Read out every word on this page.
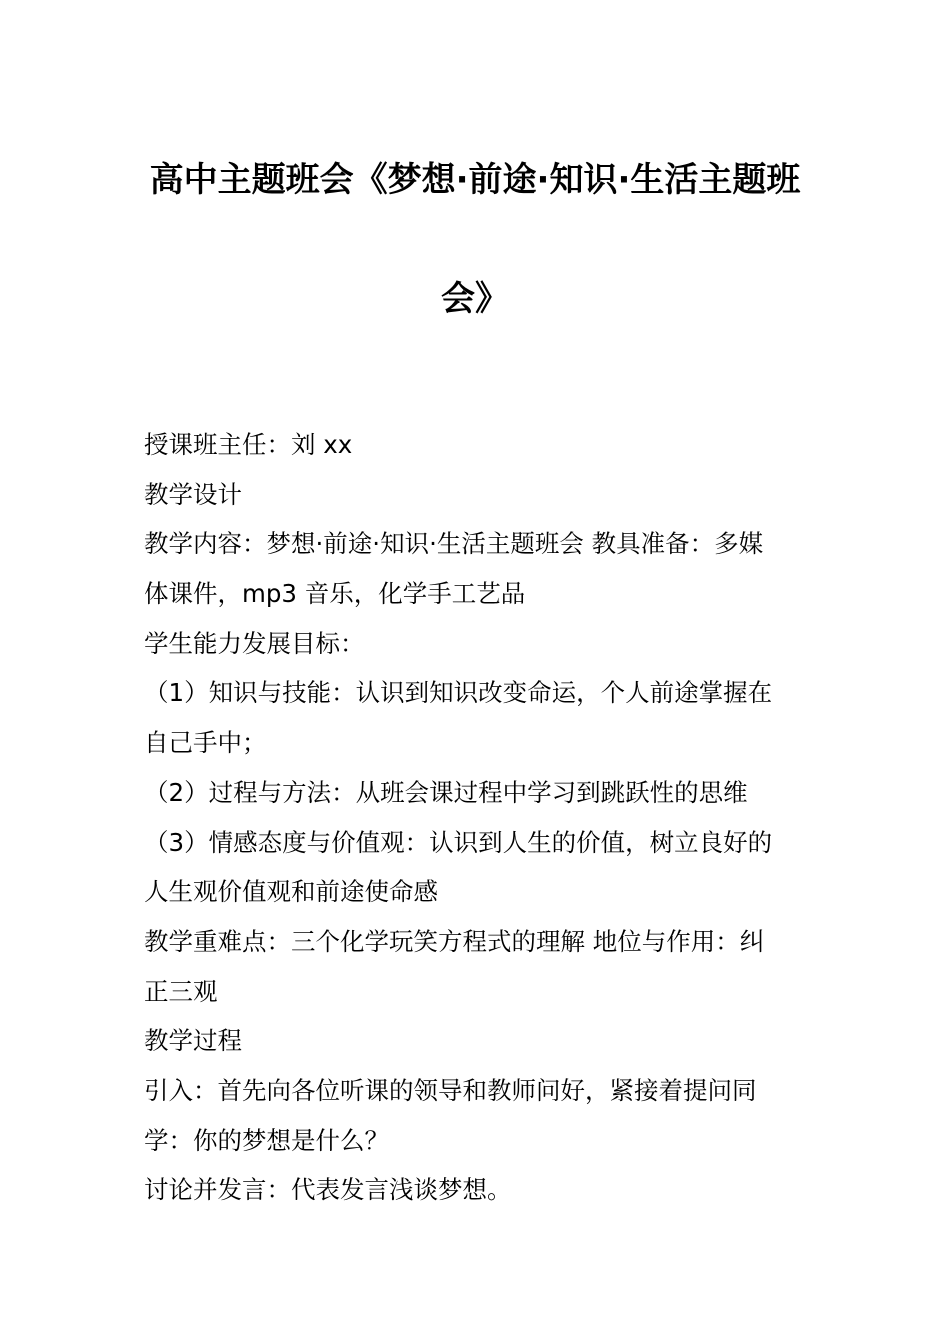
高中主题班会《梦想·前途·知识·生活主题班
会》
授课班主任：刘 xx
教学设计
教学内容：梦想·前途·知识·生活主题班会 教具准备：多媒
体课件，mp3 音乐，化学手工艺品
学生能力发展目标：
（1）知识与技能：认识到知识改变命运，个人前途掌握在
自己手中；
（2）过程与方法：从班会课过程中学习到跳跃性的思维
（3）情感态度与价值观：认识到人生的价值，树立良好的
人生观价值观和前途使命感
教学重难点：三个化学玩笑方程式的理解 地位与作用：纠
正三观
教学过程
引入：首先向各位听课的领导和教师问好，紧接着提问同
学：你的梦想是什么？
讨论并发言：代表发言浅谈梦想。
